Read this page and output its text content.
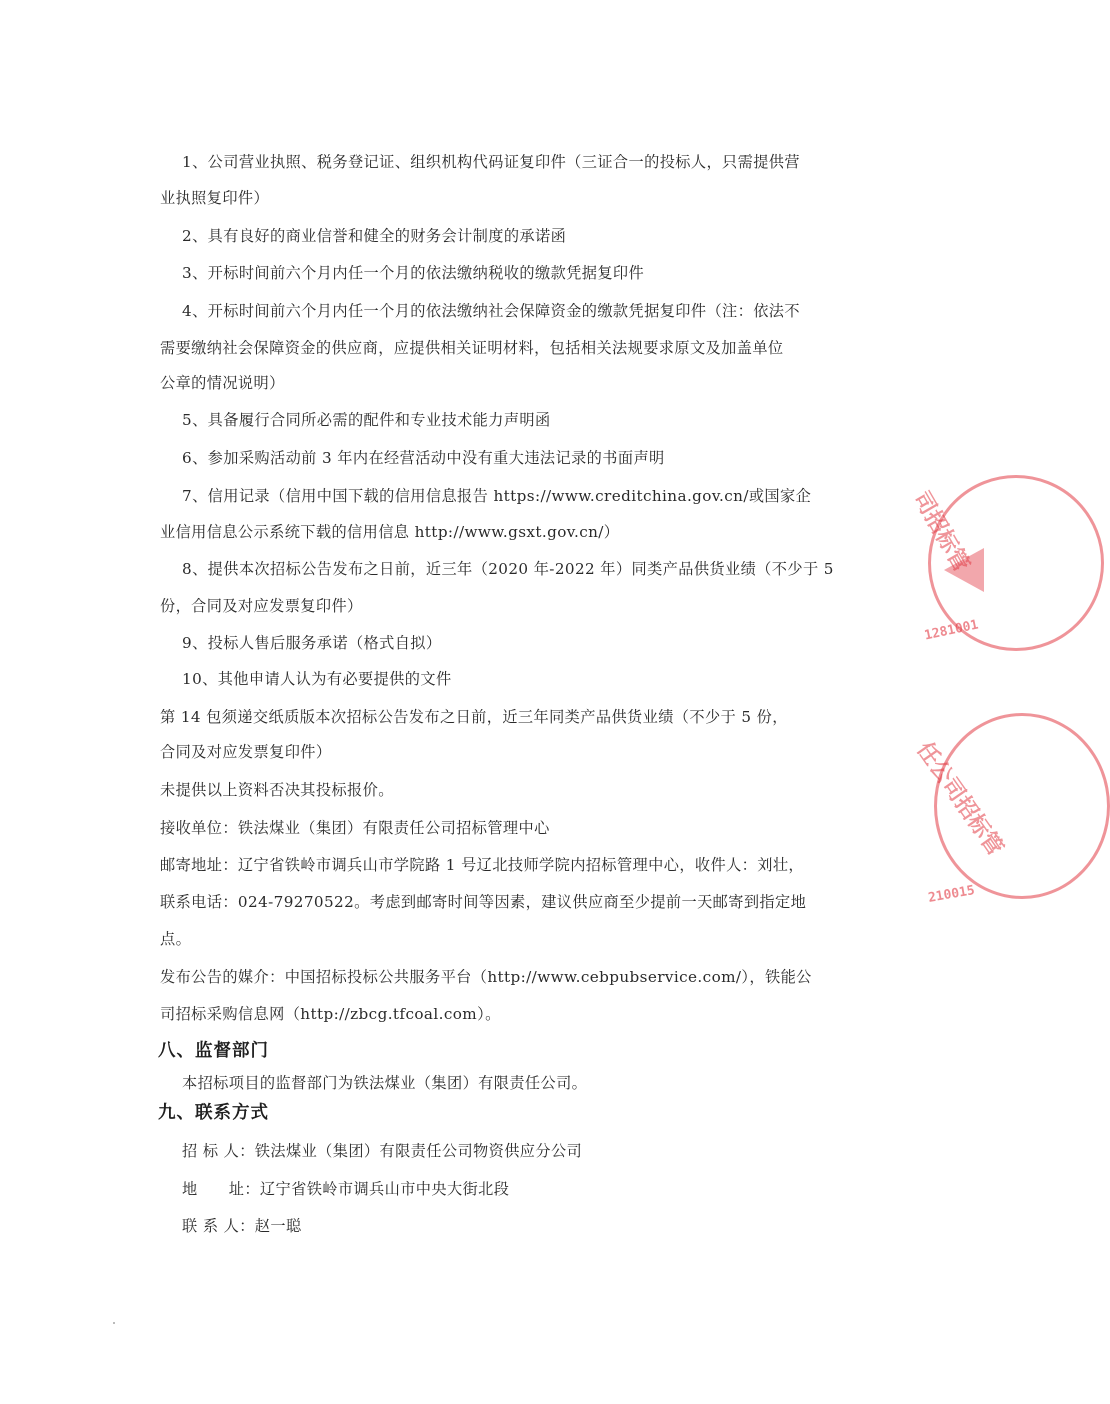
1、公司营业执照、税务登记证、组织机构代码证复印件（三证合一的投标人，只需提供营

业执照复印件）

2、具有良好的商业信誉和健全的财务会计制度的承诺函

3、开标时间前六个月内任一个月的依法缴纳税收的缴款凭据复印件

4、开标时间前六个月内任一个月的依法缴纳社会保障资金的缴款凭据复印件（注：依法不

需要缴纳社会保障资金的供应商，应提供相关证明材料，包括相关法规要求原文及加盖单位

公章的情况说明）

5、具备履行合同所必需的配件和专业技术能力声明函

6、参加采购活动前 3 年内在经营活动中没有重大违法记录的书面声明

7、信用记录（信用中国下载的信用信息报告 https://www.creditchina.gov.cn/或国家企

业信用信息公示系统下载的信用信息 http://www.gsxt.gov.cn/）

8、提供本次招标公告发布之日前，近三年（2020 年-2022 年）同类产品供货业绩（不少于 5

份，合同及对应发票复印件）

9、投标人售后服务承诺（格式自拟）

10、其他申请人认为有必要提供的文件

第 14 包须递交纸质版本次招标公告发布之日前，近三年同类产品供货业绩（不少于 5 份，

合同及对应发票复印件）

未提供以上资料否决其投标报价。

接收单位：铁法煤业（集团）有限责任公司招标管理中心

邮寄地址：辽宁省铁岭市调兵山市学院路 1 号辽北技师学院内招标管理中心，收件人：刘壮，

联系电话：024-79270522。考虑到邮寄时间等因素，建议供应商至少提前一天邮寄到指定地

点。

发布公告的媒介：中国招标投标公共服务平台（http://www.cebpubservice.com/），铁能公

司招标采购信息网（http://zbcg.tfcoal.com）。

八、监督部门

本招标项目的监督部门为铁法煤业（集团）有限责任公司。

九、联系方式

招 标 人：铁法煤业（集团）有限责任公司物资供应分公司

地　　址：辽宁省铁岭市调兵山市中央大街北段

联 系 人：赵一聪

司招标管
1281001
任公司招标管
210015
